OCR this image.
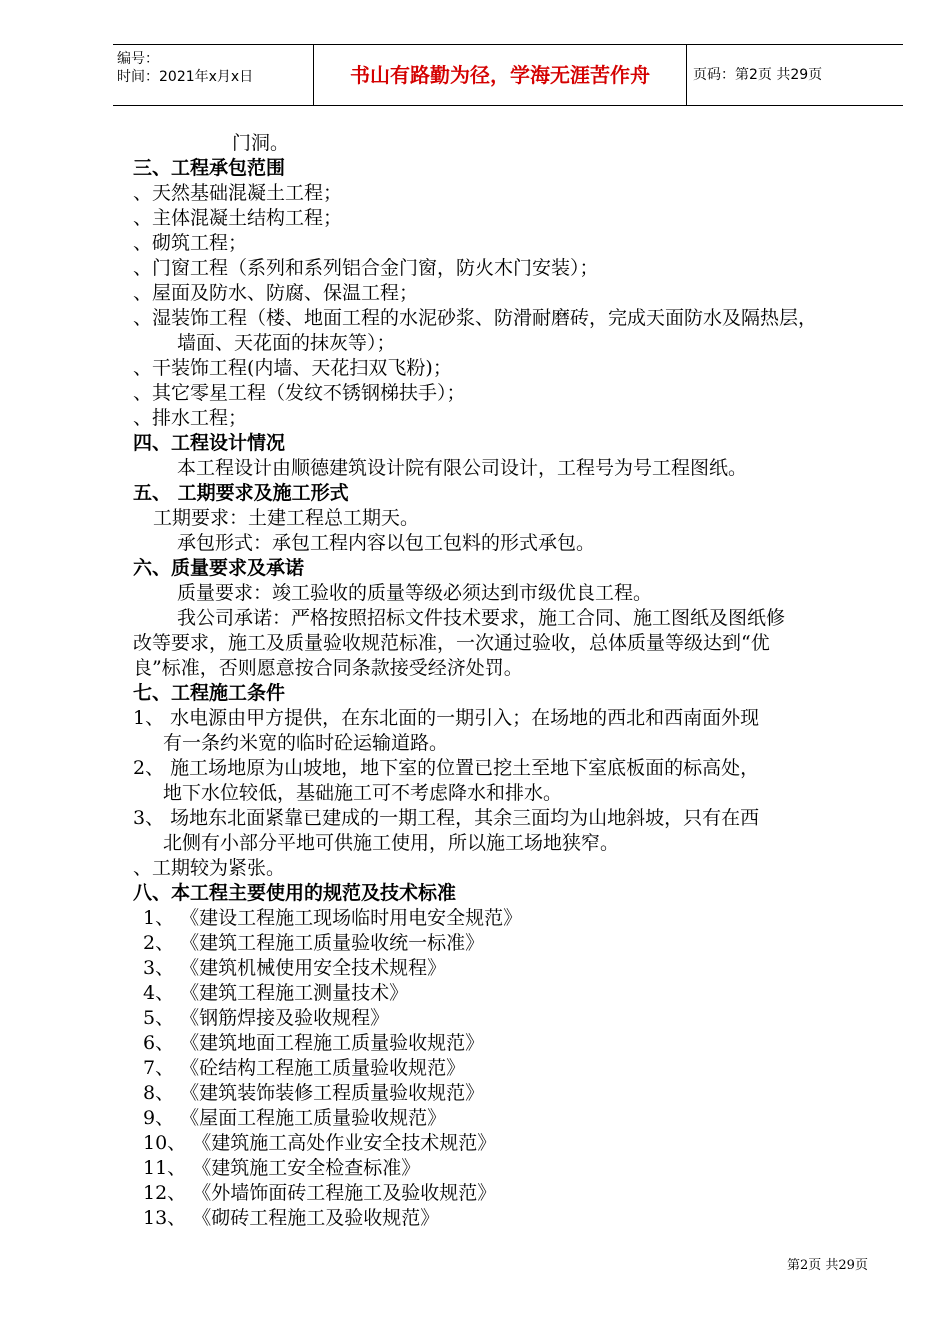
编号：
时间：2021年x月x日	书山有路勤为径，学海无涯苦作舟	页码：第2页 共29页
门洞。
三、工程承包范围
、天然基础混凝土工程；
、主体混凝土结构工程；
、砌筑工程；
、门窗工程（系列和系列铝合金门窗，防火木门安装）；
、屋面及防水、防腐、保温工程；
、湿装饰工程（楼、地面工程的水泥砂浆、防滑耐磨砖，完成天面防水及隔热层，
墙面、天花面的抹灰等）；
、干装饰工程(内墙、天花扫双飞粉)；
、其它零星工程（发纹不锈钢梯扶手）；
、排水工程；
四、工程设计情况
本工程设计由顺德建筑设计院有限公司设计，工程号为号工程图纸。
五、 工期要求及施工形式
工期要求：土建工程总工期天。
承包形式：承包工程内容以包工包料的形式承包。
六、质量要求及承诺
质量要求：竣工验收的质量等级必须达到市级优良工程。
我公司承诺：严格按照招标文件技术要求，施工合同、施工图纸及图纸修
改等要求，施工及质量验收规范标准，一次通过验收，总体质量等级达到“优
良”标准，否则愿意按合同条款接受经济处罚。
七、工程施工条件
1、 水电源由甲方提供，在东北面的一期引入；在场地的西北和西南面外现
有一条约米宽的临时砼运输道路。
2、 施工场地原为山坡地，地下室的位置已挖土至地下室底板面的标高处，
地下水位较低，基础施工可不考虑降水和排水。
3、 场地东北面紧靠已建成的一期工程，其余三面均为山地斜坡，只有在西
北侧有小部分平地可供施工使用，所以施工场地狭窄。
、工期较为紧张。
八、本工程主要使用的规范及技术标准
1、 《建设工程施工现场临时用电安全规范》
2、 《建筑工程施工质量验收统一标准》
3、 《建筑机械使用安全技术规程》
4、 《建筑工程施工测量技术》
5、 《钢筋焊接及验收规程》
6、 《建筑地面工程施工质量验收规范》
7、 《砼结构工程施工质量验收规范》
8、 《建筑装饰装修工程质量验收规范》
9、 《屋面工程施工质量验收规范》
10、 《建筑施工高处作业安全技术规范》
11、 《建筑施工安全检查标准》
12、 《外墙饰面砖工程施工及验收规范》
13、 《砌砖工程施工及验收规范》
第2页 共29页
